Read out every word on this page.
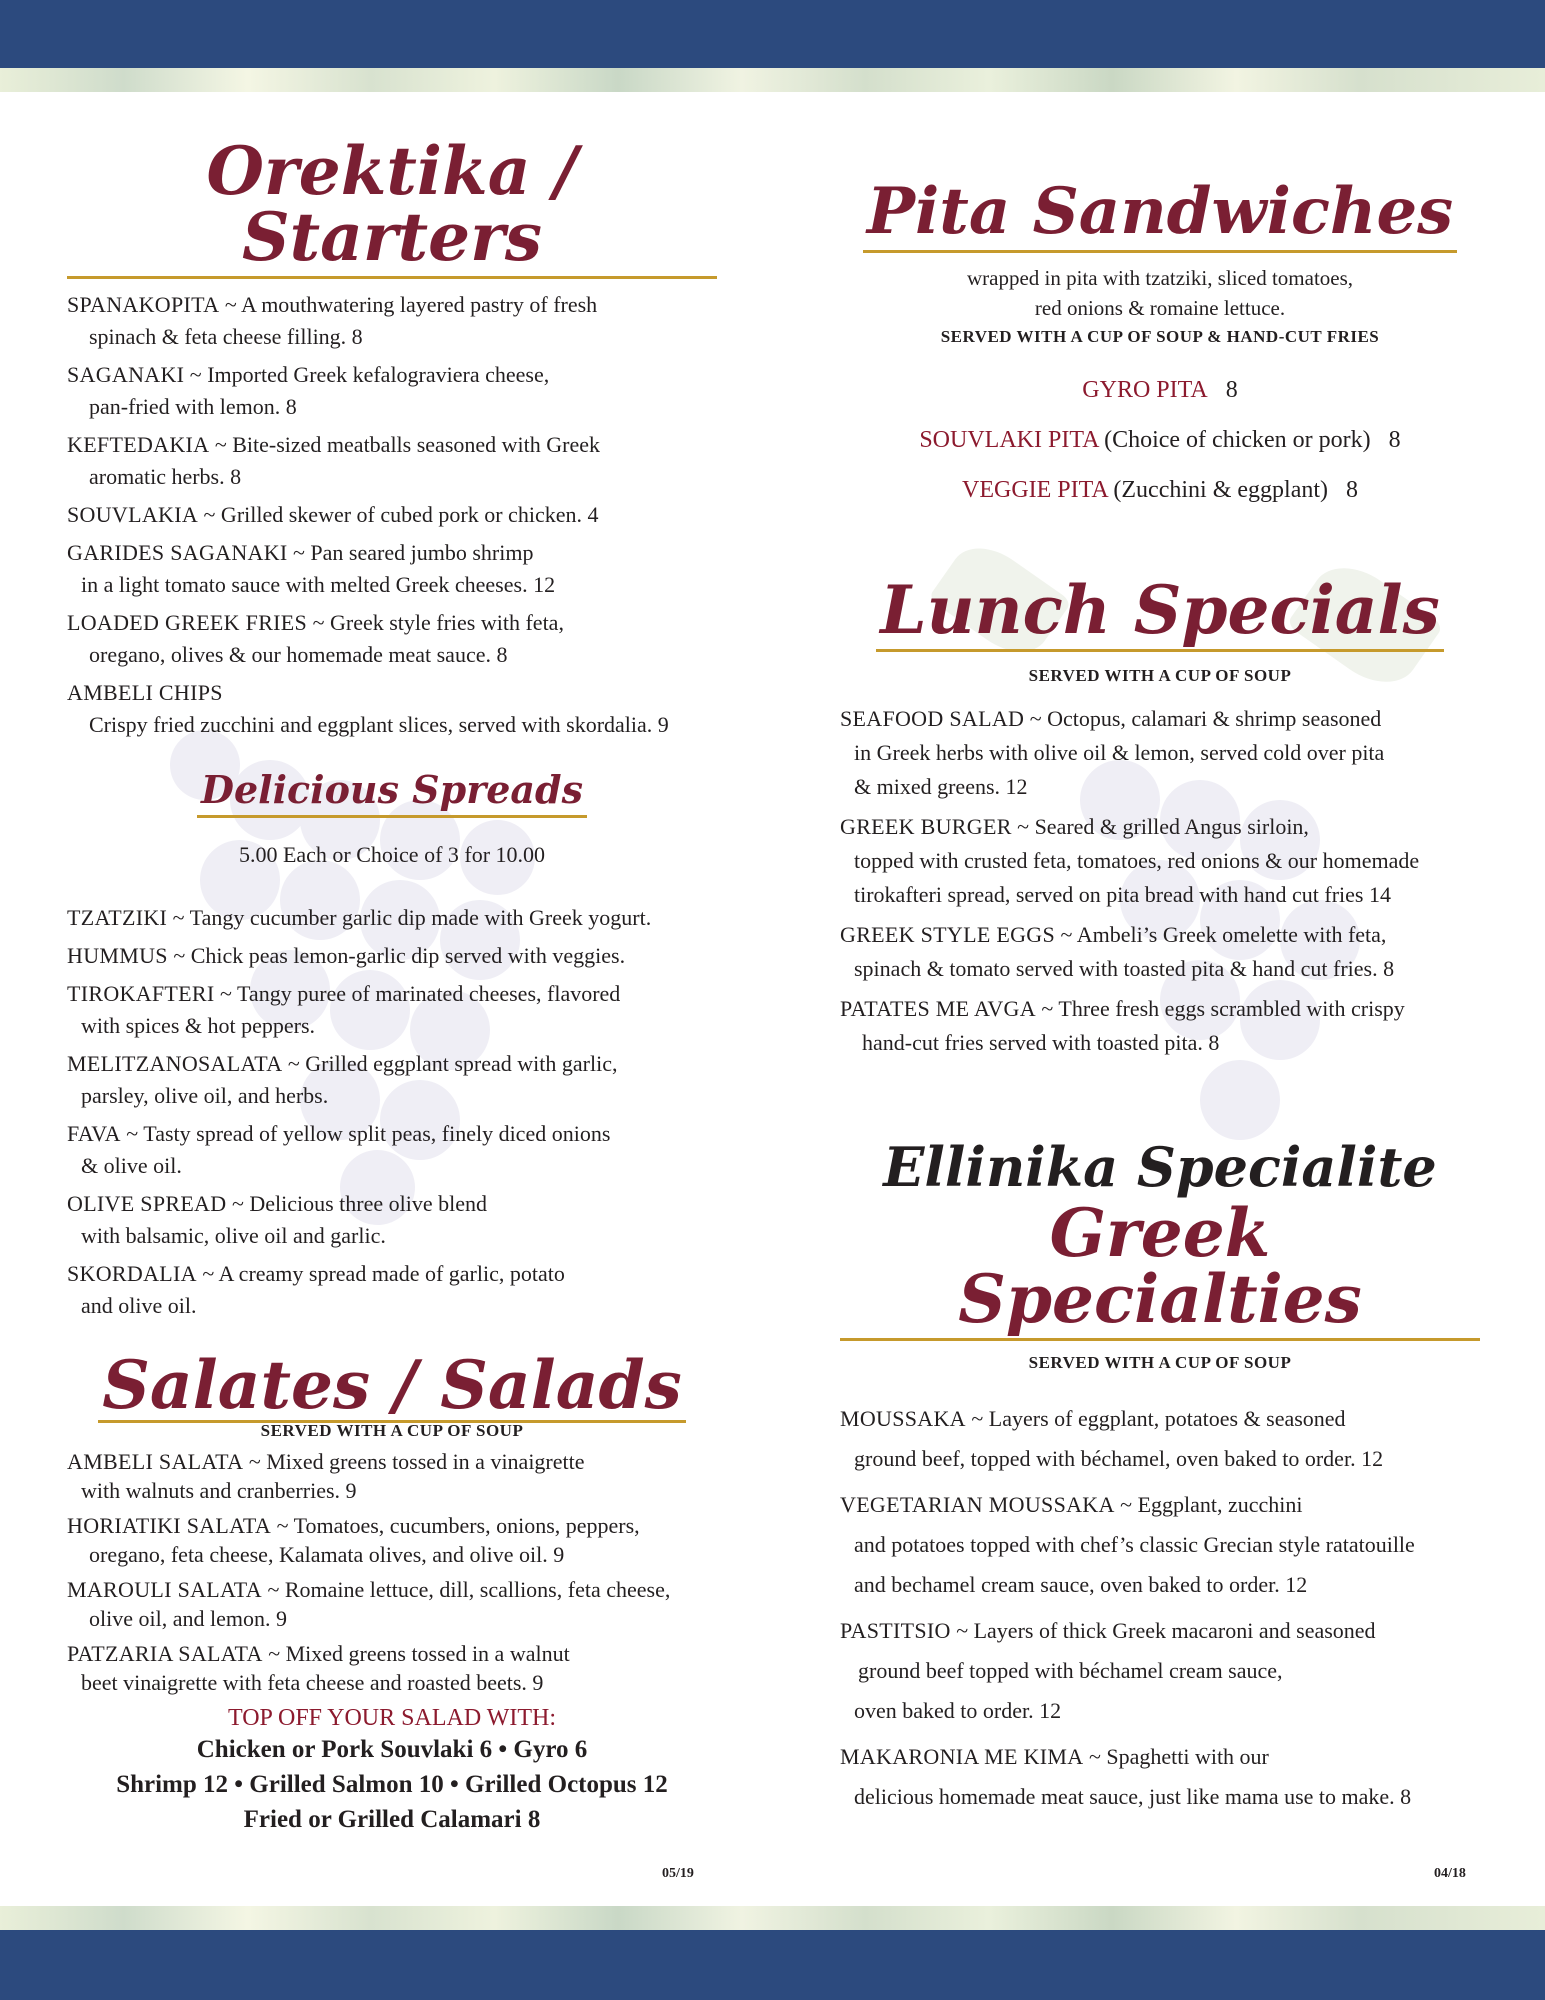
Orektika / Starters
SPANAKOPITA ~ A mouthwatering layered pastry of fresh
spinach & feta cheese filling. 8
SAGANAKI ~ Imported Greek kefalograviera cheese,
pan-fried with lemon. 8
KEFTEDAKIA ~ Bite-sized meatballs seasoned with Greek
aromatic herbs. 8
SOUVLAKIA ~ Grilled skewer of cubed pork or chicken. 4
GARIDES SAGANAKI ~ Pan seared jumbo shrimp
in a light tomato sauce with melted Greek cheeses. 12
LOADED GREEK FRIES ~ Greek style fries with feta,
oregano, olives & our homemade meat sauce. 8
AMBELI CHIPS
Crispy fried zucchini and eggplant slices, served with skordalia. 9
Delicious Spreads
5.00 Each or Choice of 3 for 10.00
TZATZIKI ~ Tangy cucumber garlic dip made with Greek yogurt.
HUMMUS ~ Chick peas lemon-garlic dip served with veggies.
TIROKAFTERI ~ Tangy puree of marinated cheeses, flavored
with spices & hot peppers.
MELITZANOSALATA ~ Grilled eggplant spread with garlic,
parsley, olive oil, and herbs.
FAVA ~ Tasty spread of yellow split peas, finely diced onions
& olive oil.
OLIVE SPREAD ~ Delicious three olive blend
with balsamic, olive oil and garlic.
SKORDALIA ~ A creamy spread made of garlic, potato
and olive oil.
Salates / Salads
SERVED WITH A CUP OF SOUP
AMBELI SALATA ~ Mixed greens tossed in a vinaigrette
with walnuts and cranberries. 9
HORIATIKI SALATA ~ Tomatoes, cucumbers, onions, peppers,
oregano, feta cheese, Kalamata olives, and olive oil. 9
MAROULI SALATA ~ Romaine lettuce, dill, scallions, feta cheese,
olive oil, and lemon. 9
PATZARIA SALATA ~ Mixed greens tossed in a walnut
beet vinaigrette with feta cheese and roasted beets. 9
TOP OFF YOUR SALAD WITH:
Chicken or Pork Souvlaki 6 • Gyro 6
Shrimp 12 • Grilled Salmon 10 • Grilled Octopus 12
Fried or Grilled Calamari 8
05/19
Pita Sandwiches
wrapped in pita with tzatziki, sliced tomatoes,
red onions & romaine lettuce.
SERVED WITH A CUP OF SOUP & HAND-CUT FRIES
GYRO PITA 8
SOUVLAKI PITA (Choice of chicken or pork) 8
VEGGIE PITA (Zucchini & eggplant) 8
Lunch Specials
SERVED WITH A CUP OF SOUP
SEAFOOD SALAD ~ Octopus, calamari & shrimp seasoned
in Greek herbs with olive oil & lemon, served cold over pita
& mixed greens. 12
GREEK BURGER ~ Seared & grilled Angus sirloin,
topped with crusted feta, tomatoes, red onions & our homemade
tirokafteri spread, served on pita bread with hand cut fries 14
GREEK STYLE EGGS ~ Ambeli’s Greek omelette with feta,
spinach & tomato served with toasted pita & hand cut fries. 8
PATATES ME AVGA ~ Three fresh eggs scrambled with crispy
hand-cut fries served with toasted pita. 8
Ellinika Specialite
Greek Specialties
SERVED WITH A CUP OF SOUP
MOUSSAKA ~ Layers of eggplant, potatoes & seasoned
ground beef, topped with béchamel, oven baked to order. 12
VEGETARIAN MOUSSAKA ~ Eggplant, zucchini
and potatoes topped with chef’s classic Grecian style ratatouille
and bechamel cream sauce, oven baked to order. 12
PASTITSIO ~ Layers of thick Greek macaroni and seasoned
ground beef topped with béchamel cream sauce,
oven baked to order. 12
MAKARONIA ME KIMA ~ Spaghetti with our
delicious homemade meat sauce, just like mama use to make. 8
04/18
